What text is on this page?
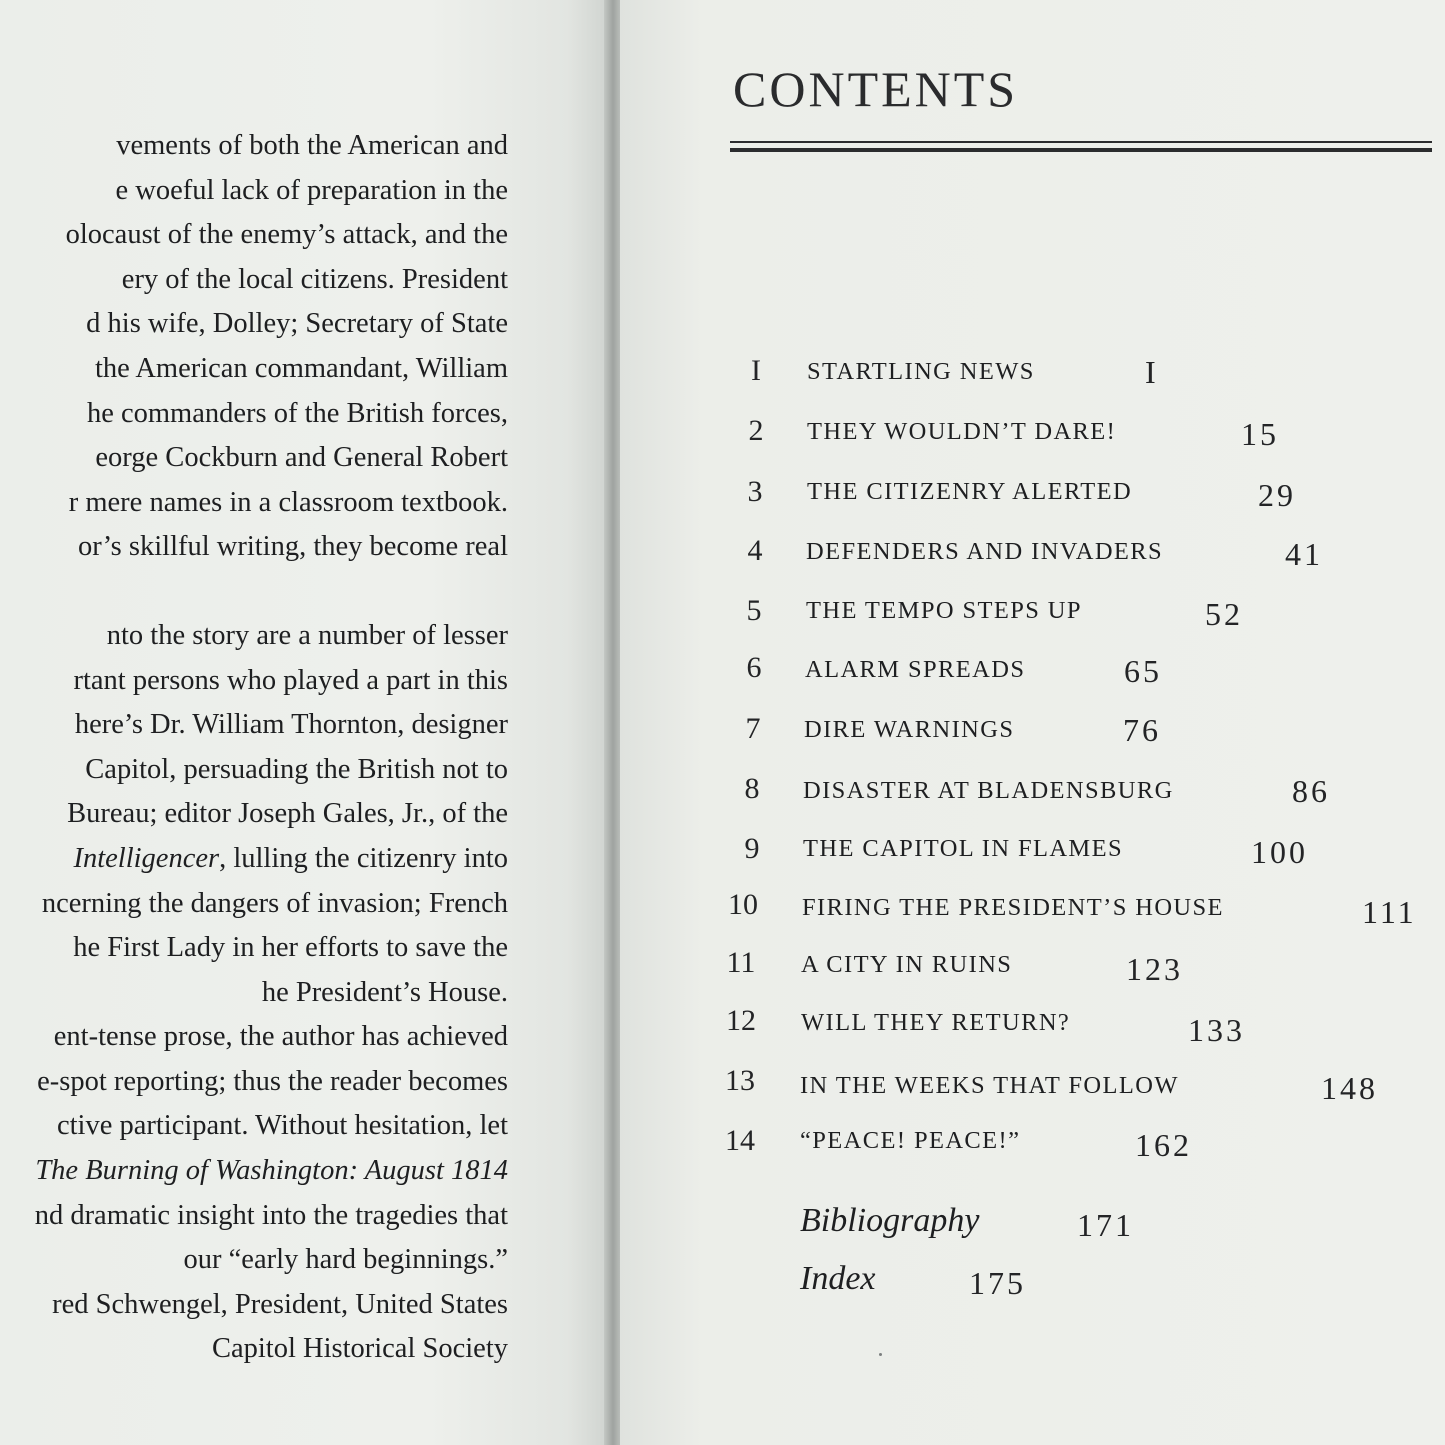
vements of both the American and

e woeful lack of preparation in the

olocaust of the enemy’s attack, and the

ery of the local citizens. President

d his wife, Dolley; Secretary of State

the American commandant, William

he commanders of the British forces,

eorge Cockburn and General Robert

r mere names in a classroom textbook.

or’s skillful writing, they become real

nto the story are a number of lesser

rtant persons who played a part in this

here’s Dr. William Thornton, designer

Capitol, persuading the British not to

Bureau; editor Joseph Gales, Jr., of the

Intelligencer, lulling the citizenry into

ncerning the dangers of invasion; French

he First Lady in her efforts to save the

he President’s House.

ent-tense prose, the author has achieved

e-spot reporting; thus the reader becomes

ctive participant. Without hesitation, let

The Burning of Washington: August 1814

nd dramatic insight into the tragedies that

our “early hard beginnings.”

red Schwengel, President, United States

Capitol Historical Society

CONTENTS
I	STARTLING NEWS	I
2	THEY WOULDN’T DARE!	15
3	THE CITIZENRY ALERTED	29
4	DEFENDERS AND INVADERS	41
5	THE TEMPO STEPS UP	52
6	ALARM SPREADS	65
7	DIRE WARNINGS	76
8	DISASTER AT BLADENSBURG	86
9	THE CAPITOL IN FLAMES	100
10 FIRING THE PRESIDENT’S HOUSE	111
11	A CITY IN RUINS	123
12 WILL THEY RETURN?	133
13 IN THE WEEKS THAT FOLLOW	148
14 “PEACE! PEACE!”	162
Bibliography	171
Index	175
